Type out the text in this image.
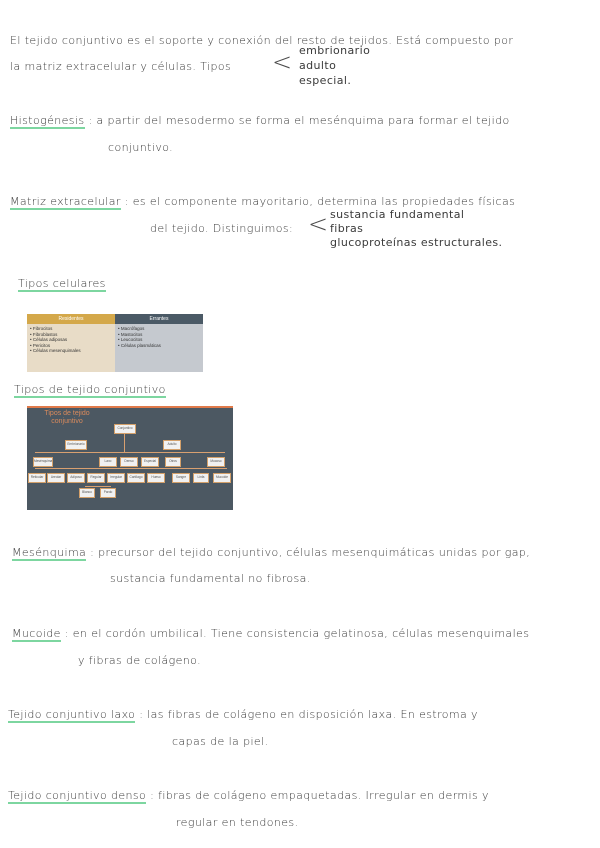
El tejido conjuntivo es el soporte y conexión del resto de tejidos. Está compuesto por
la matriz extracelular y células. Tipos < embrionario
adulto
especial.
Histogénesis : a partir del mesodermo se forma el mesénquima para formar el tejido
conjuntivo.
Matriz extracelular : es el componente mayoritario, determina las propiedades físicas
del tejido. Distinguimos: < sustancia fundamental
fibras
glucoproteínas estructurales.
Tipos celulares
Residentes
• Fibrocitos
• Fibroblastos
• Células adiposas
• Pericitos
• Células mesenquimales
Errantes
• Macrófagos
• Mastocitos
• Leucocitos
• Células plasmáticas
Tipos de tejido conjuntivo
Tipos de tejido conjuntivo
Conjuntivo
Embrionario	Adulto
Mesénquima	Laxo	Denso	Especial	Otros	Mucoso
Reticular	Areolar	Adiposo	Regular	Irregular	Cartílago	Hueso	Sangre	Linfa	Mucoide
Blanco	Pardo
Mesénquima : precursor del tejido conjuntivo, células mesenquimáticas unidas por gap,
sustancia fundamental no fibrosa.
Mucoide : en el cordón umbilical. Tiene consistencia gelatinosa, células mesenquimales
y fibras de colágeno.
Tejido conjuntivo laxo : las fibras de colágeno en disposición laxa. En estroma y
capas de la piel.
Tejido conjuntivo denso : fibras de colágeno empaquetadas. Irregular en dermis y
regular en tendones.
